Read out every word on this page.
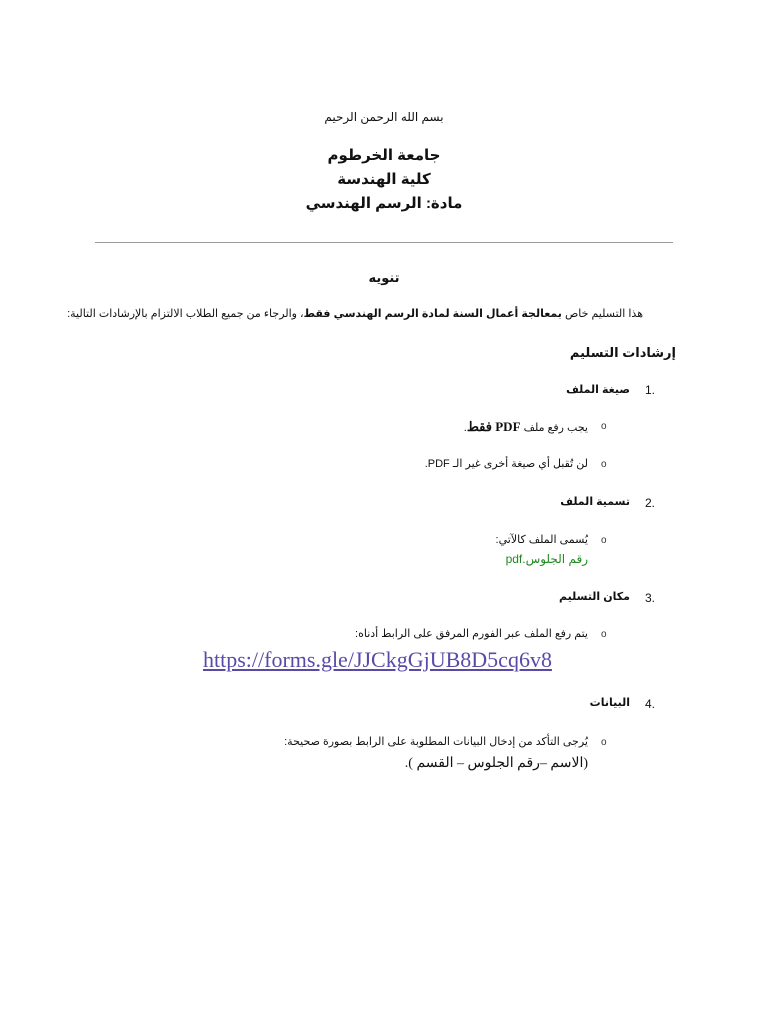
بسم الله الرحمن الرحيم
جامعة الخرطوم
كلية الهندسة
مادة: الرسم الهندسي
تنويه
هذا التسليم خاص بمعالجة أعمال السنة لمادة الرسم الهندسي فقط، والرجاء من جميع الطلاب الالتزام بالإرشادات التالية:
إرشادات التسليم
1.
صيغة الملف
o
يجب رفع ملف PDF فقط.
o
لن تُقبل أي صيغة أخرى غير الـ PDF.
2.
تسمية الملف
o
يُسمى الملف كالآتي:
رقم الجلوس.pdf
3.
مكان التسليم
o
يتم رفع الملف عبر الفورم المرفق على الرابط أدناه:
https://forms.gle/JJCkgGjUB8D5cq6v8
4.
البيانات
o
يُرجى التأكد من إدخال البيانات المطلوبة على الرابط بصورة صحيحة:
(الاسم –رقم الجلوس – القسم ).
